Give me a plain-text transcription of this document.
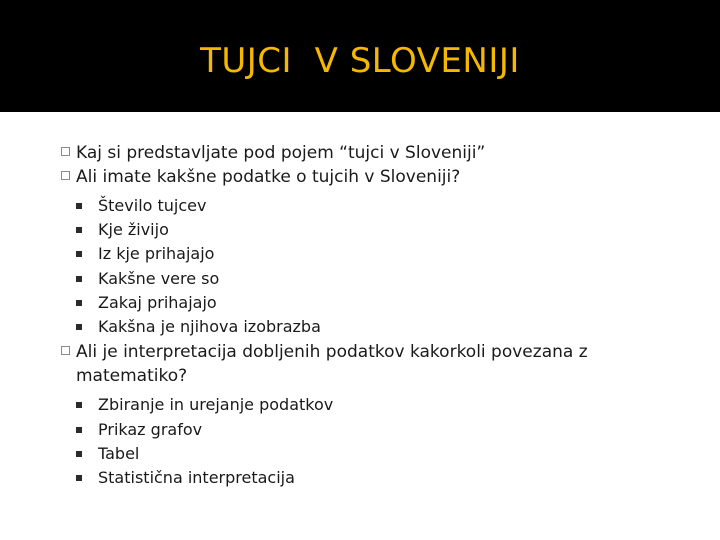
TUJCI  V SLOVENIJI
Kaj si predstavljate pod pojem “tujci v Sloveniji”
Ali imate kakšne podatke o tujcih v Sloveniji?
Število tujcev
Kje živijo
Iz kje prihajajo
Kakšne vere so
Zakaj prihajajo
Kakšna je njihova izobrazba
Ali je interpretacija dobljenih podatkov kakorkoli povezana z matematiko?
Zbiranje in urejanje podatkov
Prikaz grafov
Tabel
Statistična interpretacija
